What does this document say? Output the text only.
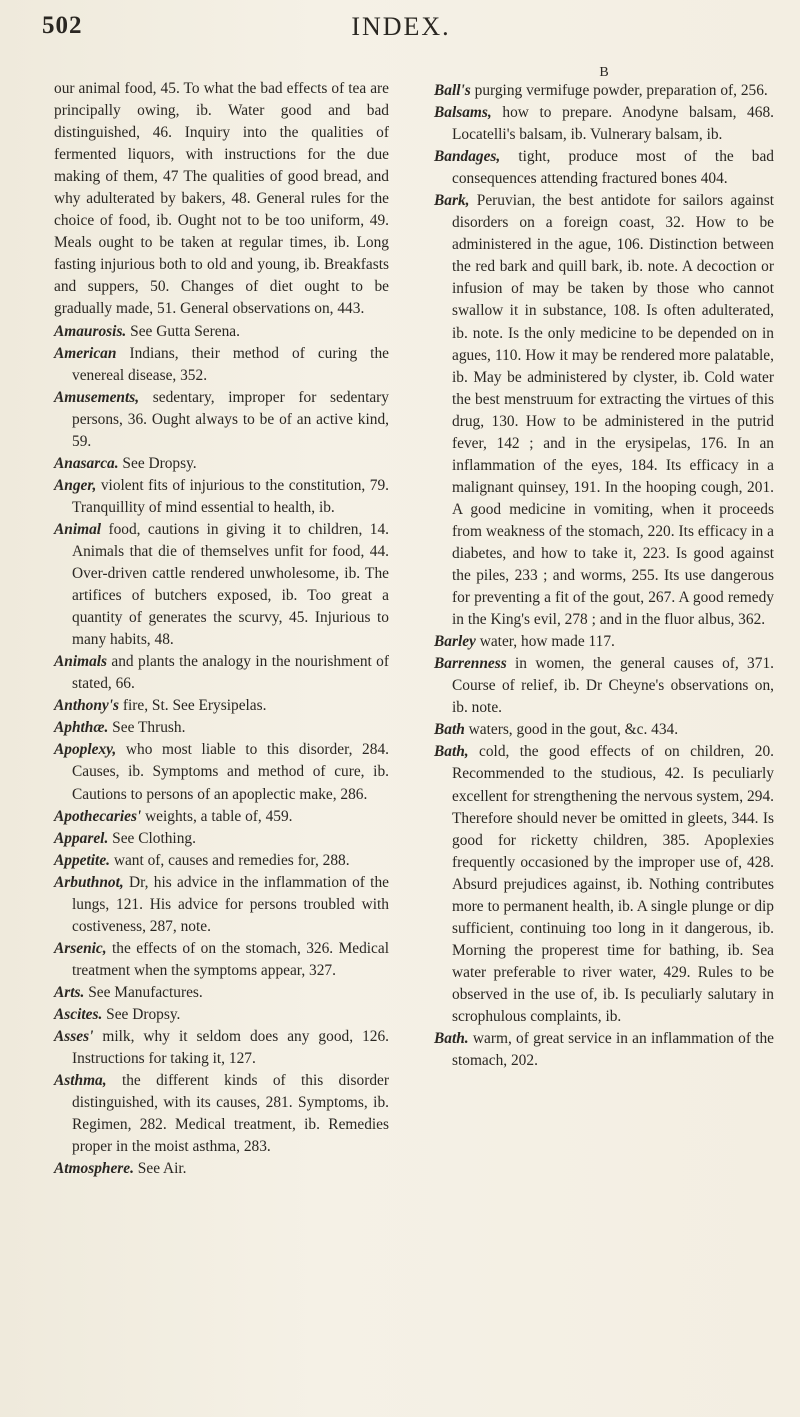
502	INDEX.

our animal food, 45. To what the bad effects of tea are principally owing, ib. Water good and bad distinguished, 46. Inquiry into the qualities of fermented liquors, with instructions for the due making of them, 47 The qualities of good bread, and why adulterated by bakers, 48. General rules for the choice of food, ib. Ought not to be too uniform, 49. Meals ought to be taken at regular times, ib. Long fasting injurious both to old and young, ib. Breakfasts and suppers, 50. Changes of diet ought to be gradually made, 51. General observations on, 443.

Amaurosis. See Gutta Serena.

American Indians, their method of curing the venereal disease, 352.

Amusements, sedentary, improper for sedentary persons, 36. Ought always to be of an active kind, 59.

Anasarca. See Dropsy.

Anger, violent fits of injurious to the constitution, 79. Tranquillity of mind essential to health, ib.

Animal food, cautions in giving it to children, 14. Animals that die of themselves unfit for food, 44. Over-driven cattle rendered unwholesome, ib. The artifices of butchers exposed, ib. Too great a quantity of generates the scurvy, 45. Injurious to many habits, 48.

Animals and plants the analogy in the nourishment of stated, 66.

Anthony's fire, St. See Erysipelas.

Aphthæ. See Thrush.

Apoplexy, who most liable to this disorder, 284. Causes, ib. Symptoms and method of cure, ib. Cautions to persons of an apoplectic make, 286.

Apothecaries' weights, a table of, 459.

Apparel. See Clothing.

Appetite. want of, causes and remedies for, 288.

Arbuthnot, Dr, his advice in the inflammation of the lungs, 121. His advice for persons troubled with costiveness, 287, note.

Arsenic, the effects of on the stomach, 326. Medical treatment when the symptoms appear, 327.

Arts. See Manufactures.

Ascites. See Dropsy.

Asses' milk, why it seldom does any good, 126. Instructions for taking it, 127.

Asthma, the different kinds of this disorder distinguished, with its causes, 281. Symptoms, ib. Regimen, 282. Medical treatment, ib. Remedies proper in the moist asthma, 283.

Atmosphere. See Air.

B

Ball's purging vermifuge powder, preparation of, 256.

Balsams, how to prepare. Anodyne balsam, 468. Locatelli's balsam, ib. Vulnerary balsam, ib.

Bandages, tight, produce most of the bad consequences attending fractured bones 404.

Bark, Peruvian, the best antidote for sailors against disorders on a foreign coast, 32. How to be administered in the ague, 106. Distinction between the red bark and quill bark, ib. note. A decoction or infusion of may be taken by those who cannot swallow it in substance, 108. Is often adulterated, ib. note. Is the only medicine to be depended on in agues, 110. How it may be rendered more palatable, ib. May be administered by clyster, ib. Cold water the best menstruum for extracting the virtues of this drug, 130. How to be administered in the putrid fever, 142 ; and in the erysipelas, 176. In an inflammation of the eyes, 184. Its efficacy in a malignant quinsey, 191. In the hooping cough, 201. A good medicine in vomiting, when it proceeds from weakness of the stomach, 220. Its efficacy in a diabetes, and how to take it, 223. Is good against the piles, 233 ; and worms, 255. Its use dangerous for preventing a fit of the gout, 267. A good remedy in the King's evil, 278 ; and in the fluor albus, 362.

Barley water, how made 117.

Barrenness in women, the general causes of, 371. Course of relief, ib. Dr Cheyne's observations on, ib. note.

Bath waters, good in the gout, &c. 434.

Bath, cold, the good effects of on children, 20. Recommended to the studious, 42. Is peculiarly excellent for strengthening the nervous system, 294. Therefore should never be omitted in gleets, 344. Is good for ricketty children, 385. Apoplexies frequently occasioned by the improper use of, 428. Absurd prejudices against, ib. Nothing contributes more to permanent health, ib. A single plunge or dip sufficient, continuing too long in it dangerous, ib. Morning the properest time for bathing, ib. Sea water preferable to river water, 429. Rules to be observed in the use of, ib. Is peculiarly salutary in scrophulous complaints, ib.

Bath. warm, of great service in an inflammation of the stomach, 202.
